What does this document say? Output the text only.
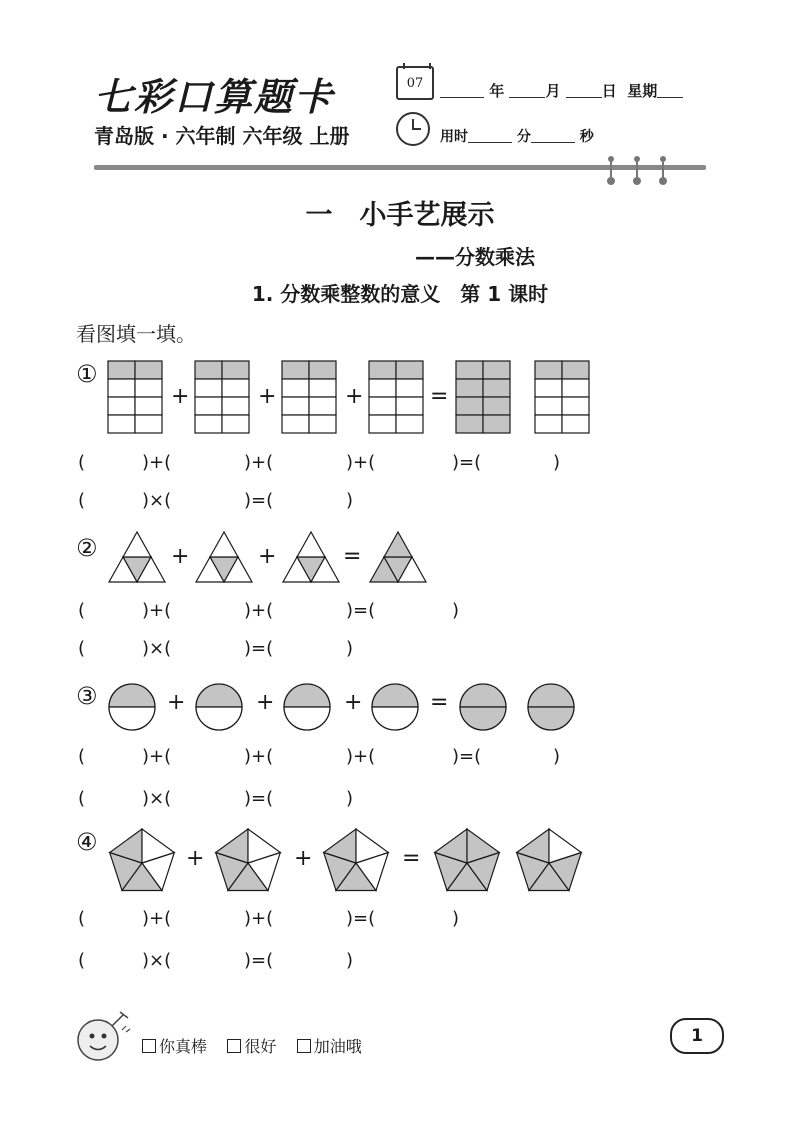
七彩口算题卡
青岛版 · 六年制 六年级 上册
07	年	月	日 星期
用时	分	秒
一　小手艺展示
——分数乘法
1. 分数乘整数的意义　第 1 课时
看图填一填。
①
+	+	+	=
(	)+(	)+(	)+(	)=(	)
(	)×(	)=(	)
②	+	+	=
(	)+(	)+(	)=(	)
(	)×(	)=(	)
③	+	+	+	=
(	)+(	)+(	)+(	)=(	)
(	)×(	)=(	)
④
+	+	=
(	)+(	)+(	)=(	)
(	)×(	)=(	)
你真棒 很好 加油哦
1
